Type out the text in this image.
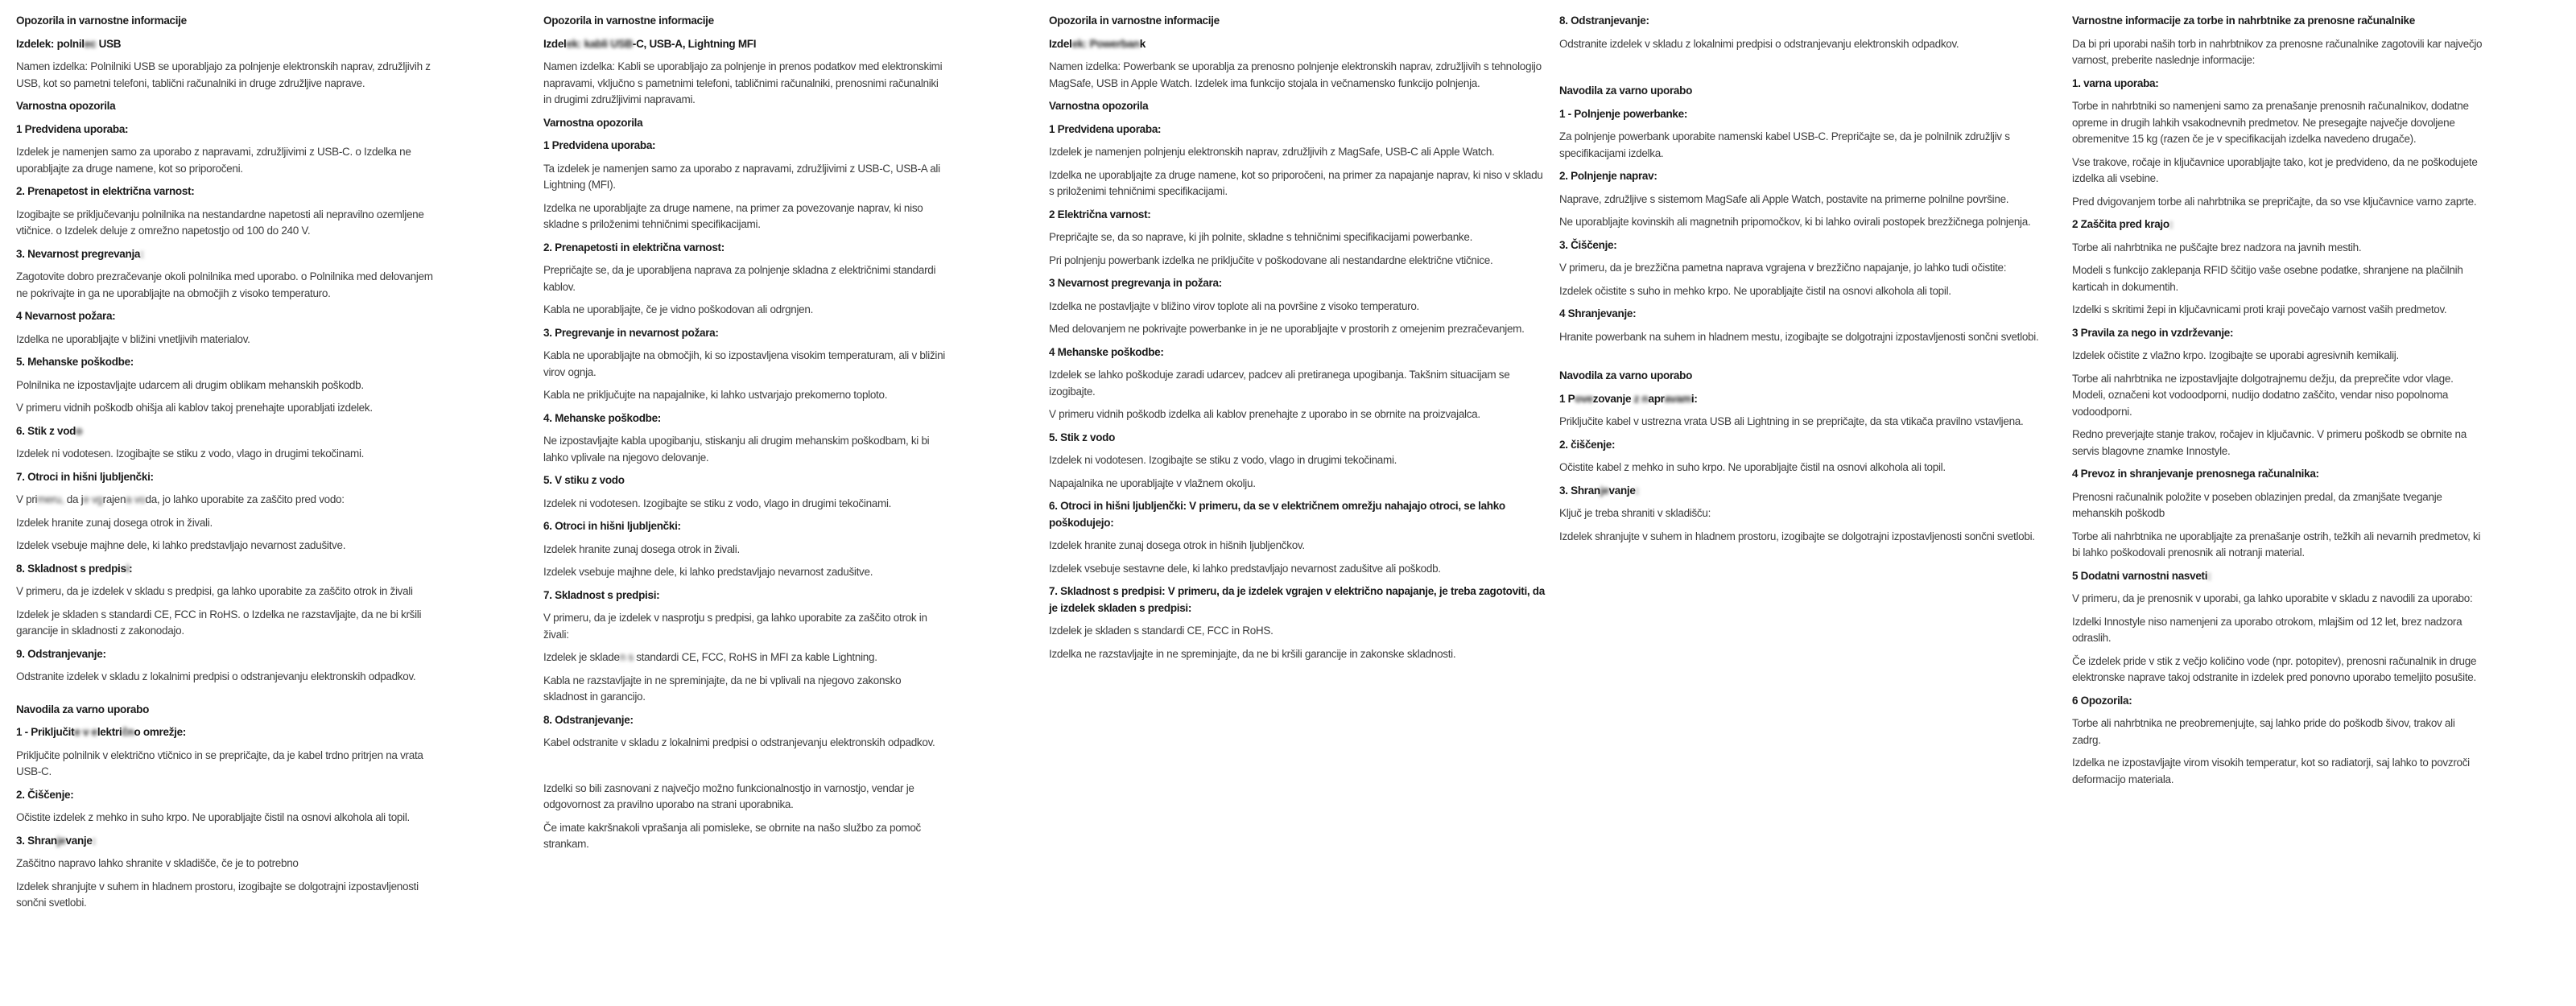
Opozorila in varnostne informacije
Izdelek: polnilec USB

Namen izdelka: Polnilniki USB se uporabljajo za polnjenje elektronskih naprav, združljivih z USB, kot so pametni telefoni, tablični računalniki in druge združljive naprave.

Varnostna opozorila
1 Predvidena uporaba:

Izdelek je namenjen samo za uporabo z napravami, združljivimi z USB-C. o Izdelka ne uporabljajte za druge namene, kot so priporočeni.

2. Prenapetost in električna varnost:

Izogibajte se priključevanju polnilnika na nestandardne napetosti ali nepravilno ozemljene vtičnice. o Izdelek deluje z omrežno napetostjo od 100 do 240 V.

3. Nevarnost pregrevanja:

Zagotovite dobro prezračevanje okoli polnilnika med uporabo. o Polnilnika med delovanjem ne pokrivajte in ga ne uporabljajte na območjih z visoko temperaturo.

4 Nevarnost požara:

Izdelka ne uporabljajte v bližini vnetljivih materialov.

5. Mehanske poškodbe:

Polnilnika ne izpostavljajte udarcem ali drugim oblikam mehanskih poškodb.

V primeru vidnih poškodb ohišja ali kablov takoj prenehajte uporabljati izdelek.

6. Stik z vodo

Izdelek ni vodotesen. Izogibajte se stiku z vodo, vlago in drugimi tekočinami.

7. Otroci in hišni ljubljenčki:

V primeru, da je vgrajena voda, jo lahko uporabite za zaščito pred vodo:

Izdelek hranite zunaj dosega otrok in živali.

Izdelek vsebuje majhne dele, ki lahko predstavljajo nevarnost zadušitve.

8. Skladnost s predpisi:

V primeru, da je izdelek v skladu s predpisi, ga lahko uporabite za zaščito otrok in živali

Izdelek je skladen s standardi CE, FCC in RoHS. o Izdelka ne razstavljajte, da ne bi kršili garancije in skladnosti z zakonodajo.

9. Odstranjevanje:

Odstranite izdelek v skladu z lokalnimi predpisi o odstranjevanju elektronskih odpadkov.

Navodila za varno uporabo
1 - Priključite v električno omrežje:

Priključite polnilnik v električno vtičnico in se prepričajte, da je kabel trdno pritrjen na vrata USB-C.

2. Čiščenje:

Očistite izdelek z mehko in suho krpo. Ne uporabljajte čistil na osnovi alkohola ali topil.

3. Shranjevanje:

Zaščitno napravo lahko shranite v skladišče, če je to potrebno

Izdelek shranjujte v suhem in hladnem prostoru, izogibajte se dolgotrajni izpostavljenosti sončni svetlobi.

Opozorila in varnostne informacije
Izdelek: kabli USB-C, USB-A, Lightning MFI

Namen izdelka: Kabli se uporabljajo za polnjenje in prenos podatkov med elektronskimi napravami, vključno s pametnimi telefoni, tabličnimi računalniki, prenosnimi računalniki in drugimi združljivimi napravami.

Varnostna opozorila
1 Predvidena uporaba:

Ta izdelek je namenjen samo za uporabo z napravami, združljivimi z USB-C, USB-A ali Lightning (MFI).

Izdelka ne uporabljajte za druge namene, na primer za povezovanje naprav, ki niso skladne s priloženimi tehničnimi specifikacijami.

2. Prenapetosti in električna varnost:

Prepričajte se, da je uporabljena naprava za polnjenje skladna z električnimi standardi kablov.

Kabla ne uporabljajte, če je vidno poškodovan ali odrgnjen.

3. Pregrevanje in nevarnost požara:

Kabla ne uporabljajte na območjih, ki so izpostavljena visokim temperaturam, ali v bližini virov ognja.

Kabla ne priključujte na napajalnike, ki lahko ustvarjajo prekomerno toploto.

4. Mehanske poškodbe:

Ne izpostavljajte kabla upogibanju, stiskanju ali drugim mehanskim poškodbam, ki bi lahko vplivale na njegovo delovanje.

5. V stiku z vodo

Izdelek ni vodotesen. Izogibajte se stiku z vodo, vlago in drugimi tekočinami.

6. Otroci in hišni ljubljenčki:

Izdelek hranite zunaj dosega otrok in živali.

Izdelek vsebuje majhne dele, ki lahko predstavljajo nevarnost zadušitve.

7. Skladnost s predpisi:

V primeru, da je izdelek v nasprotju s predpisi, ga lahko uporabite za zaščito otrok in živali:

Izdelek je skladen s standardi CE, FCC, RoHS in MFI za kable Lightning.

Kabla ne razstavljajte in ne spreminjajte, da ne bi vplivali na njegovo zakonsko skladnost in garancijo.

8. Odstranjevanje:

Kabel odstranite v skladu z lokalnimi predpisi o odstranjevanju elektronskih odpadkov.

Izdelki so bili zasnovani z največjo možno funkcionalnostjo in varnostjo, vendar je odgovornost za pravilno uporabo na strani uporabnika.

Če imate kakršnakoli vprašanja ali pomisleke, se obrnite na našo službo za pomoč strankam.

Opozorila in varnostne informacije
Izdelek: Powerbank

Namen izdelka: Powerbank se uporablja za prenosno polnjenje elektronskih naprav, združljivih s tehnologijo MagSafe, USB in Apple Watch. Izdelek ima funkcijo stojala in večnamensko funkcijo polnjenja.

Varnostna opozorila
1 Predvidena uporaba:

Izdelek je namenjen polnjenju elektronskih naprav, združljivih z MagSafe, USB-C ali Apple Watch.

Izdelka ne uporabljajte za druge namene, kot so priporočeni, na primer za napajanje naprav, ki niso v skladu s priloženimi tehničnimi specifikacijami.

2 Električna varnost:

Prepričajte se, da so naprave, ki jih polnite, skladne s tehničnimi specifikacijami powerbanke.

Pri polnjenju powerbank izdelka ne priključite v poškodovane ali nestandardne električne vtičnice.

3 Nevarnost pregrevanja in požara:

Izdelka ne postavljajte v bližino virov toplote ali na površine z visoko temperaturo.

Med delovanjem ne pokrivajte powerbanke in je ne uporabljajte v prostorih z omejenim prezračevanjem.

4 Mehanske poškodbe:

Izdelek se lahko poškoduje zaradi udarcev, padcev ali pretiranega upogibanja. Takšnim situacijam se izogibajte.

V primeru vidnih poškodb izdelka ali kablov prenehajte z uporabo in se obrnite na proizvajalca.

5. Stik z vodo

Izdelek ni vodotesen. Izogibajte se stiku z vodo, vlago in drugimi tekočinami.

Napajalnika ne uporabljajte v vlažnem okolju.

6. Otroci in hišni ljubljenčki: V primeru, da se v električnem omrežju nahajajo otroci, se lahko poškodujejo:

Izdelek hranite zunaj dosega otrok in hišnih ljubljenčkov.

Izdelek vsebuje sestavne dele, ki lahko predstavljajo nevarnost zadušitve ali poškodb.

7. Skladnost s predpisi: V primeru, da je izdelek vgrajen v električno napajanje, je treba zagotoviti, da je izdelek skladen s predpisi:

Izdelek je skladen s standardi CE, FCC in RoHS.

Izdelka ne razstavljajte in ne spreminjajte, da ne bi kršili garancije in zakonske skladnosti.

8. Odstranjevanje:

Odstranite izdelek v skladu z lokalnimi predpisi o odstranjevanju elektronskih odpadkov.

Navodila za varno uporabo
1 - Polnjenje powerbanke:

Za polnjenje powerbank uporabite namenski kabel USB-C. Prepričajte se, da je polnilnik združljiv s specifikacijami izdelka.

2. Polnjenje naprav:

Naprave, združljive s sistemom MagSafe ali Apple Watch, postavite na primerne polnilne površine.

Ne uporabljajte kovinskih ali magnetnih pripomočkov, ki bi lahko ovirali postopek brezžičnega polnjenja.

3. Čiščenje:

V primeru, da je brezžična pametna naprava vgrajena v brezžično napajanje, jo lahko tudi očistite:

Izdelek očistite s suho in mehko krpo. Ne uporabljajte čistil na osnovi alkohola ali topil.

4 Shranjevanje:

Hranite powerbank na suhem in hladnem mestu, izogibajte se dolgotrajni izpostavljenosti sončni svetlobi.

Navodila za varno uporabo
1 Povezovanje z napravami:

Priključite kabel v ustrezna vrata USB ali Lightning in se prepričajte, da sta vtikača pravilno vstavljena.

2. čiščenje:

Očistite kabel z mehko in suho krpo. Ne uporabljajte čistil na osnovi alkohola ali topil.

3. Shranjevanje:

Ključ je treba shraniti v skladišču:

Izdelek shranjujte v suhem in hladnem prostoru, izogibajte se dolgotrajni izpostavljenosti sončni svetlobi.

Varnostne informacije za torbe in nahrbtnike za prenosne računalnike

Da bi pri uporabi naših torb in nahrbtnikov za prenosne računalnike zagotovili kar največjo varnost, preberite naslednje informacije:

1. varna uporaba:

Torbe in nahrbtniki so namenjeni samo za prenašanje prenosnih računalnikov, dodatne opreme in drugih lahkih vsakodnevnih predmetov. Ne presegajte največje dovoljene obremenitve 15 kg (razen če je v specifikacijah izdelka navedeno drugače).

Vse trakove, ročaje in ključavnice uporabljajte tako, kot je predvideno, da ne poškodujete izdelka ali vsebine.

Pred dvigovanjem torbe ali nahrbtnika se prepričajte, da so vse ključavnice varno zaprte.

2 Zaščita pred krajo:

Torbe ali nahrbtnika ne puščajte brez nadzora na javnih mestih.

Modeli s funkcijo zaklepanja RFID ščitijo vaše osebne podatke, shranjene na plačilnih karticah in dokumentih.

Izdelki s skritimi žepi in ključavnicami proti kraji povečajo varnost vaših predmetov.

3 Pravila za nego in vzdrževanje:

Izdelek očistite z vlažno krpo. Izogibajte se uporabi agresivnih kemikalij.

Torbe ali nahrbtnika ne izpostavljajte dolgotrajnemu dežju, da preprečite vdor vlage. Modeli, označeni kot vodoodporni, nudijo dodatno zaščito, vendar niso popolnoma vodoodporni.

Redno preverjajte stanje trakov, ročajev in ključavnic. V primeru poškodb se obrnite na servis blagovne znamke Innostyle.

4 Prevoz in shranjevanje prenosnega računalnika:

Prenosni računalnik položite v poseben oblazinjen predal, da zmanjšate tveganje mehanskih poškodb

Torbe ali nahrbtnika ne uporabljajte za prenašanje ostrih, težkih ali nevarnih predmetov, ki bi lahko poškodovali prenosnik ali notranji material.

5 Dodatni varnostni nasveti:

V primeru, da je prenosnik v uporabi, ga lahko uporabite v skladu z navodili za uporabo:

Izdelki Innostyle niso namenjeni za uporabo otrokom, mlajšim od 12 let, brez nadzora odraslih.

Če izdelek pride v stik z večjo količino vode (npr. potopitev), prenosni računalnik in druge elektronske naprave takoj odstranite in izdelek pred ponovno uporabo temeljito posušite.

6 Opozorila:

Torbe ali nahrbtnika ne preobremenjujte, saj lahko pride do poškodb šivov, trakov ali zadrg.

Izdelka ne izpostavljajte virom visokih temperatur, kot so radiatorji, saj lahko to povzroči deformacijo materiala.
